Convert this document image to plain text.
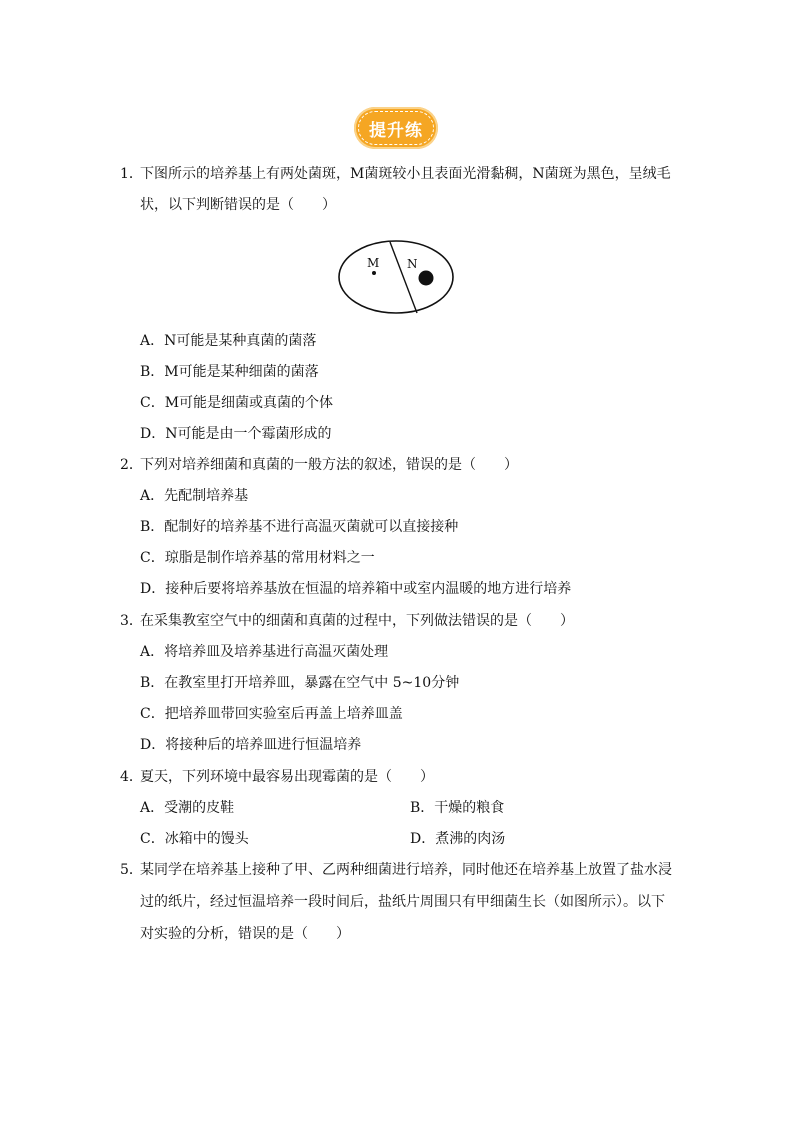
提升练
1．下图所示的培养基上有两处菌斑，M菌斑较小且表面光滑黏稠，N菌斑为黑色，呈绒毛
状，以下判断错误的是（　　）
M N
A．N可能是某种真菌的菌落
B．M可能是某种细菌的菌落
C．M可能是细菌或真菌的个体
D．N可能是由一个霉菌形成的
2．下列对培养细菌和真菌的一般方法的叙述，错误的是（　　）
A．先配制培养基
B．配制好的培养基不进行高温灭菌就可以直接接种
C．琼脂是制作培养基的常用材料之一
D．接种后要将培养基放在恒温的培养箱中或室内温暖的地方进行培养
3．在采集教室空气中的细菌和真菌的过程中，下列做法错误的是（　　）
A．将培养皿及培养基进行高温灭菌处理
B．在教室里打开培养皿，暴露在空气中 5~10分钟
C．把培养皿带回实验室后再盖上培养皿盖
D．将接种后的培养皿进行恒温培养
4．夏天，下列环境中最容易出现霉菌的是（　　）
A．受潮的皮鞋	B．干燥的粮食
C．冰箱中的馒头	D．煮沸的肉汤
5．某同学在培养基上接种了甲、乙两种细菌进行培养，同时他还在培养基上放置了盐水浸
过的纸片，经过恒温培养一段时间后，盐纸片周围只有甲细菌生长（如图所示）。以下
对实验的分析，错误的是（　　）
